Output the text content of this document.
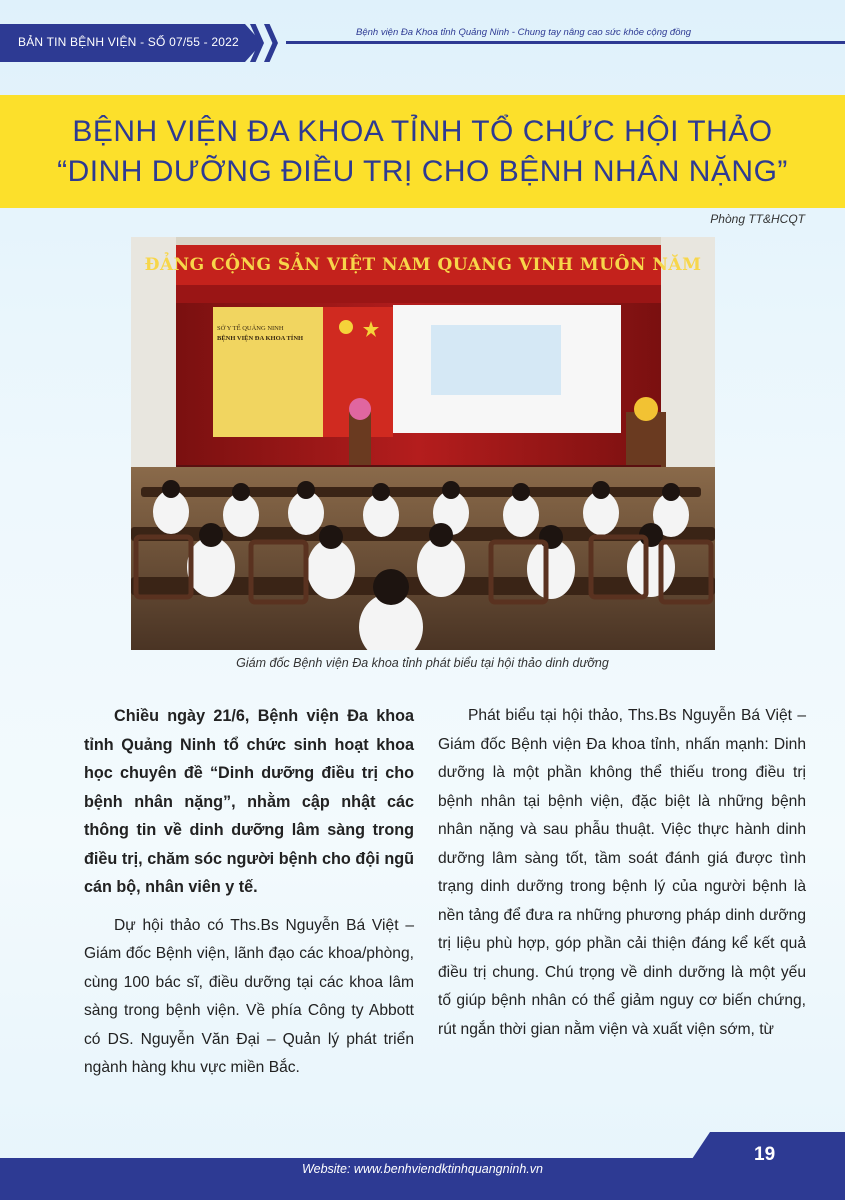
BẢN TIN BỆNH VIỆN - SỐ 07/55 - 2022
Bệnh viện Đa Khoa tỉnh Quảng Ninh - Chung tay nâng cao sức khỏe cộng đồng
BỆNH VIỆN ĐA KHOA TỈNH TỔ CHỨC HỘI THẢO
“DINH DƯỠNG ĐIỀU TRỊ CHO BỆNH NHÂN NẶNG”
Phòng TT&HCQT
ĐẢNG CỘNG SẢN VIỆT NAM QUANG VINH MUÔN NĂM
SỞ Y TẾ QUẢNG NINH
BỆNH VIỆN ĐA KHOA TỈNH
Giám đốc Bệnh viện Đa khoa tỉnh phát biểu tại hội thảo dinh dưỡng

Chiều ngày 21/6, Bệnh viện Đa khoa tỉnh Quảng Ninh tổ chức sinh hoạt khoa học chuyên đề “Dinh dưỡng điều trị cho bệnh nhân nặng”, nhằm cập nhật các thông tin về dinh dưỡng lâm sàng trong điều trị, chăm sóc người bệnh cho đội ngũ cán bộ, nhân viên y tế.

Dự hội thảo có Ths.Bs Nguyễn Bá Việt – Giám đốc Bệnh viện, lãnh đạo các khoa/phòng, cùng 100 bác sĩ, điều dưỡng tại các khoa lâm sàng trong bệnh viện. Về phía Công ty Abbott có DS. Nguyễn Văn Đại – Quản lý phát triển ngành hàng khu vực miền Bắc.

Phát biểu tại hội thảo, Ths.Bs Nguyễn Bá Việt – Giám đốc Bệnh viện Đa khoa tỉnh, nhấn mạnh: Dinh dưỡng là một phần không thể thiếu trong điều trị bệnh nhân tại bệnh viện, đặc biệt là những bệnh nhân nặng và sau phẫu thuật. Việc thực hành dinh dưỡng lâm sàng tốt, tầm soát đánh giá được tình trạng dinh dưỡng trong bệnh lý của người bệnh là nền tảng để đưa ra những phương pháp dinh dưỡng trị liệu phù hợp, góp phần cải thiện đáng kể kết quả điều trị chung. Chú trọng về dinh dưỡng là một yếu tố giúp bệnh nhân có thể giảm nguy cơ biến chứng, rút ngắn thời gian nằm viện và xuất viện sớm, từ

19
Website: www.benhviendktinhquangninh.vn
